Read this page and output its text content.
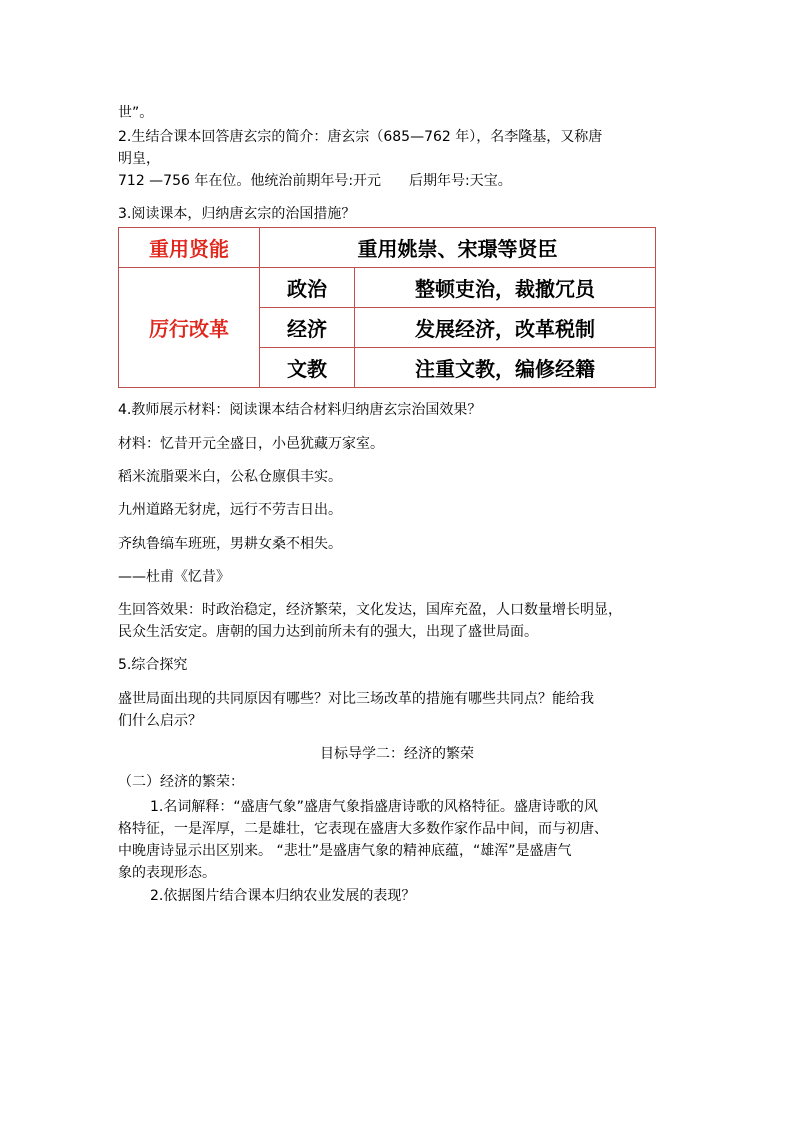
世”。
2.生结合课本回答唐玄宗的简介：唐玄宗（685—762 年），名李隆基，又称唐
明皇，
712 —756 年在位。他统治前期年号:开元　　后期年号:天宝。
3.阅读课本，归纳唐玄宗的治国措施？
重用贤能	重用姚崇、宋璟等贤臣	
厉行改革	政治	整顿吏治，裁撤冗员
	经济	发展经济，改革税制
	文教	注重文教，编修经籍
4.教师展示材料：阅读课本结合材料归纳唐玄宗治国效果？
材料：忆昔开元全盛日，小邑犹藏万家室。
稻米流脂粟米白，公私仓廪俱丰实。
九州道路无豺虎，远行不劳吉日出。
齐纨鲁缟车班班，男耕女桑不相失。
——杜甫《忆昔》
生回答效果：时政治稳定，经济繁荣，文化发达，国库充盈，人口数量增长明显，
民众生活安定。唐朝的国力达到前所未有的强大，出现了盛世局面。
5.综合探究
盛世局面出现的共同原因有哪些？对比三场改革的措施有哪些共同点？能给我
们什么启示？
目标导学二：经济的繁荣
（二）经济的繁荣：
1.名词解释：“盛唐气象”盛唐气象指盛唐诗歌的风格特征。盛唐诗歌的风
格特征，一是浑厚，二是雄壮，它表现在盛唐大多数作家作品中间，而与初唐、
中晚唐诗显示出区别来。 “悲壮”是盛唐气象的精神底蕴，“雄浑”是盛唐气
象的表现形态。
2.依据图片结合课本归纳农业发展的表现？
